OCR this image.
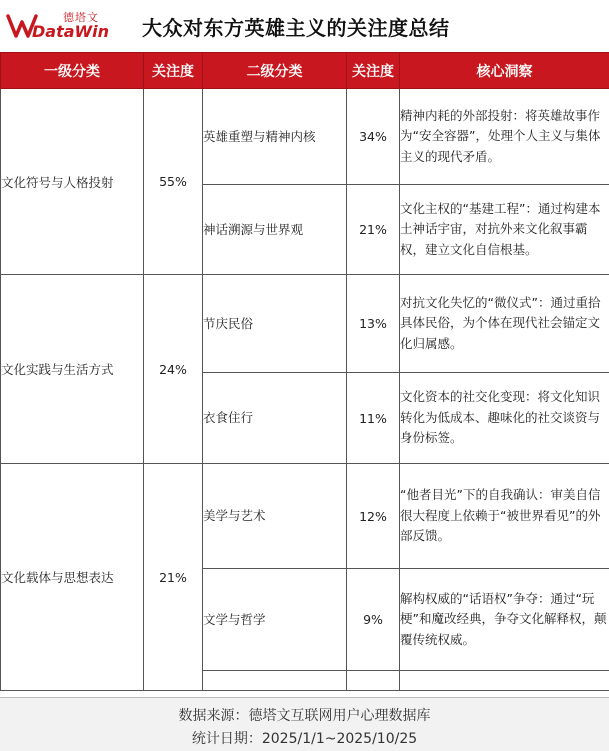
德塔文
DataWin 大众对东方英雄主义的关注度总结
一级分类	关注度	二级分类	关注度	核心洞察
文化符号与人格投射	55%	英雄重塑与精神内核	34%	精神内耗的外部投射：将英雄故事作为“安全容器”，处理个人主义与集体主义的现代矛盾。
		神话溯源与世界观	21%	文化主权的“基建工程”：通过构建本土神话宇宙，对抗外来文化叙事霸权，建立文化自信根基。
文化实践与生活方式	24%	节庆民俗	13%	对抗文化失忆的“微仪式”：通过重拾具体民俗，为个体在现代社会锚定文化归属感。
		衣食住行	11%	文化资本的社交化变现：将文化知识转化为低成本、趣味化的社交谈资与身份标签。
文化载体与思想表达	21%	美学与艺术	12%	“他者目光”下的自我确认：审美自信很大程度上依赖于“被世界看见”的外部反馈。
		文学与哲学	9%	解构权威的“话语权”争夺：通过“玩梗”和魔改经典，争夺文化解释权，颠覆传统权威。

数据来源：德塔文互联网用户心理数据库
统计日期：2025/1/1~2025/10/25
